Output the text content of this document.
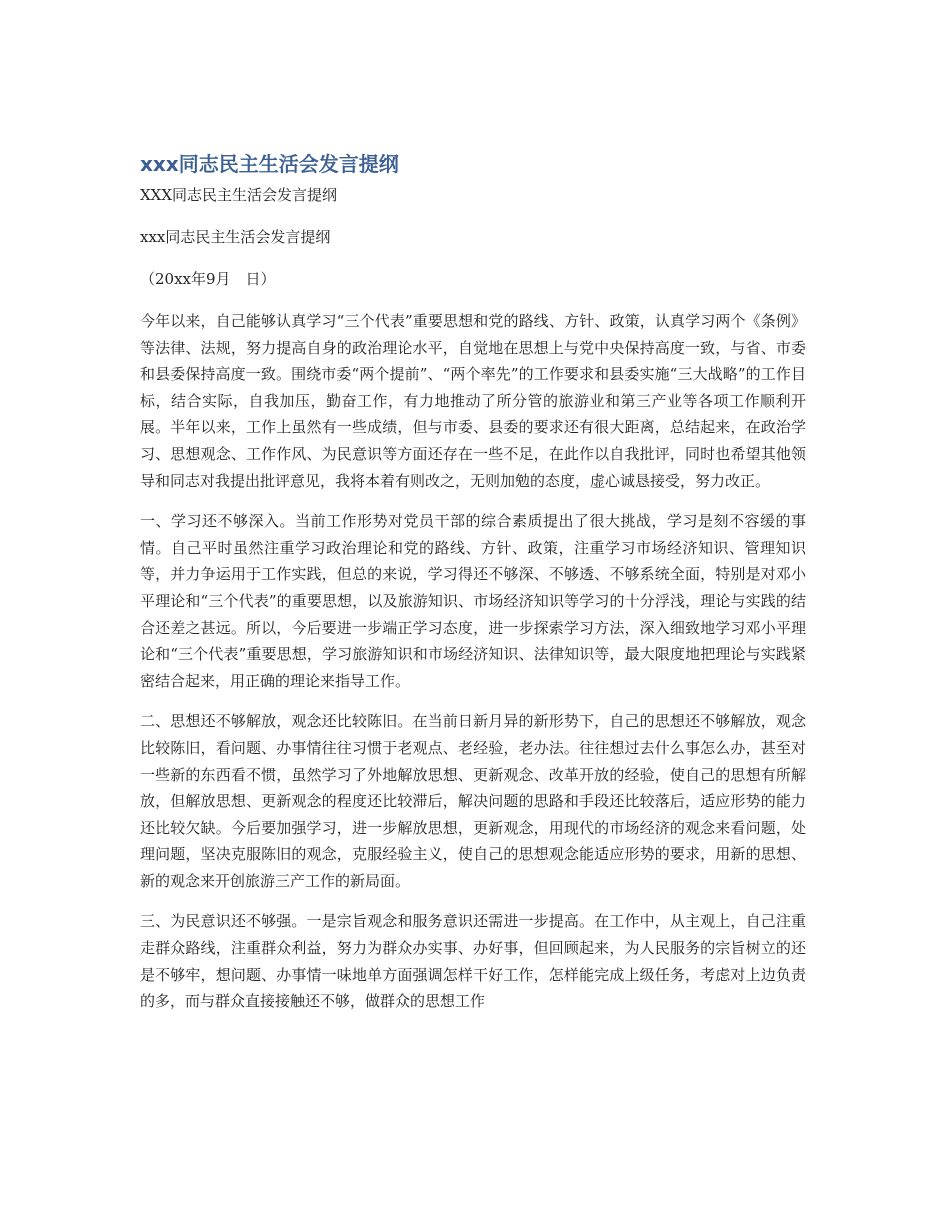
xxx同志民主生活会发言提纲

XXX同志民主生活会发言提纲

xxx同志民主生活会发言提纲

（20xx年9月　日）

今年以来，自己能够认真学习“三个代表”重要思想和党的路线、方针、政策，认真学习两个《条例》等法律、法规，努力提高自身的政治理论水平，自觉地在思想上与党中央保持高度一致，与省、市委和县委保持高度一致。围绕市委“两个提前”、“两个率先”的工作要求和县委实施“三大战略”的工作目标，结合实际，自我加压，勤奋工作，有力地推动了所分管的旅游业和第三产业等各项工作顺利开展。半年以来，工作上虽然有一些成绩，但与市委、县委的要求还有很大距离，总结起来，在政治学习、思想观念、工作作风、为民意识等方面还存在一些不足，在此作以自我批评，同时也希望其他领导和同志对我提出批评意见，我将本着有则改之，无则加勉的态度，虚心诚恳接受，努力改正。

一、学习还不够深入。当前工作形势对党员干部的综合素质提出了很大挑战，学习是刻不容缓的事情。自己平时虽然注重学习政治理论和党的路线、方针、政策，注重学习市场经济知识、管理知识等，并力争运用于工作实践，但总的来说，学习得还不够深、不够透、不够系统全面，特别是对邓小平理论和“三个代表”的重要思想，以及旅游知识、市场经济知识等学习的十分浮浅，理论与实践的结合还差之甚远。所以，今后要进一步端正学习态度，进一步探索学习方法，深入细致地学习邓小平理论和“三个代表”重要思想，学习旅游知识和市场经济知识、法律知识等，最大限度地把理论与实践紧密结合起来，用正确的理论来指导工作。

二、思想还不够解放，观念还比较陈旧。在当前日新月异的新形势下，自己的思想还不够解放，观念比较陈旧，看问题、办事情往往习惯于老观点、老经验，老办法。往往想过去什么事怎么办，甚至对一些新的东西看不惯，虽然学习了外地解放思想、更新观念、改革开放的经验，使自己的思想有所解放，但解放思想、更新观念的程度还比较滞后，解决问题的思路和手段还比较落后，适应形势的能力还比较欠缺。今后要加强学习，进一步解放思想，更新观念，用现代的市场经济的观念来看问题，处理问题，坚决克服陈旧的观念，克服经验主义，使自己的思想观念能适应形势的要求，用新的思想、新的观念来开创旅游三产工作的新局面。

三、为民意识还不够强。一是宗旨观念和服务意识还需进一步提高。在工作中，从主观上，自己注重走群众路线，注重群众利益，努力为群众办实事、办好事，但回顾起来，为人民服务的宗旨树立的还是不够牢，想问题、办事情一味地单方面强调怎样干好工作，怎样能完成上级任务，考虑对上边负责的多，而与群众直接接触还不够，做群众的思想工作
